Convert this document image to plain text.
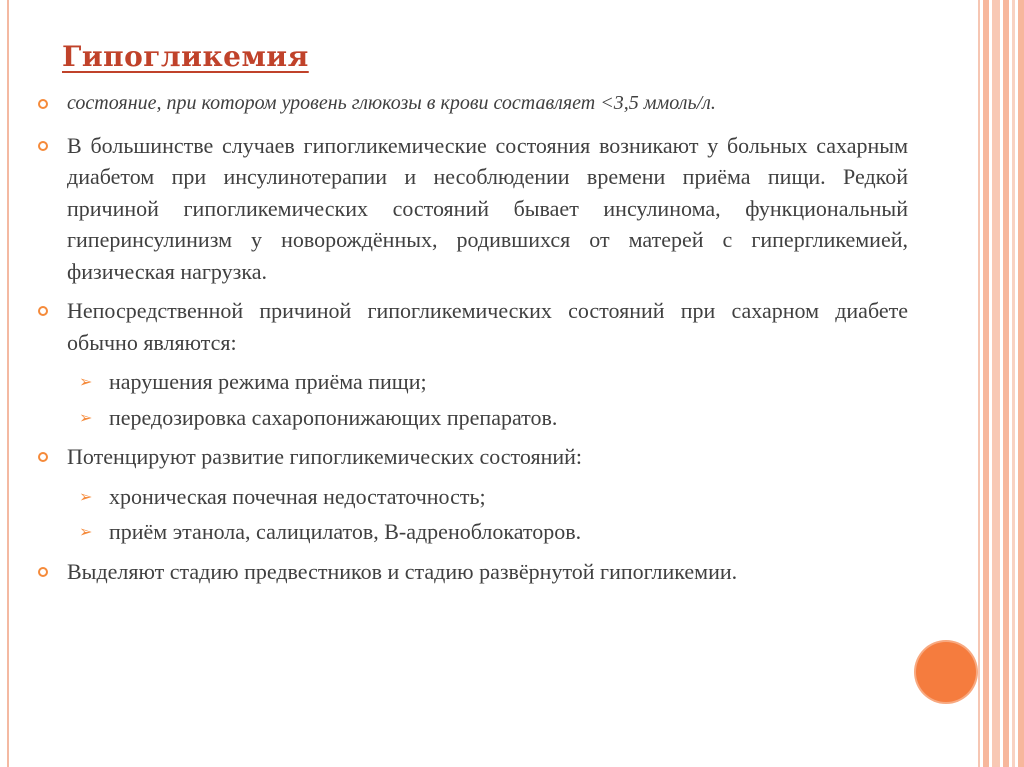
Гипогликемия

состояние, при котором уровень глюкозы в крови составляет <3,5 ммоль/л.

В большинстве случаев гипогликемические состояния возникают у больных сахарным диабетом при инсулинотерапии и несоблюдении времени приёма пищи. Редкой причиной гипогликемических состояний бывает инсулинома, функциональный гиперинсулинизм у новорождённых, родившихся от матерей с гипергликемией, физическая нагрузка.

Непосредственной причиной гипогликемических состояний при сахарном диабете обычно являются:

➢ нарушения режима приёма пищи;

➢ передозировка сахаропонижающих препаратов.

Потенцируют развитие гипогликемических состояний:

➢ хроническая почечная недостаточность;

➢ приём этанола, салицилатов, В-адреноблокаторов.

Выделяют стадию предвестников и стадию развёрнутой гипогликемии.
